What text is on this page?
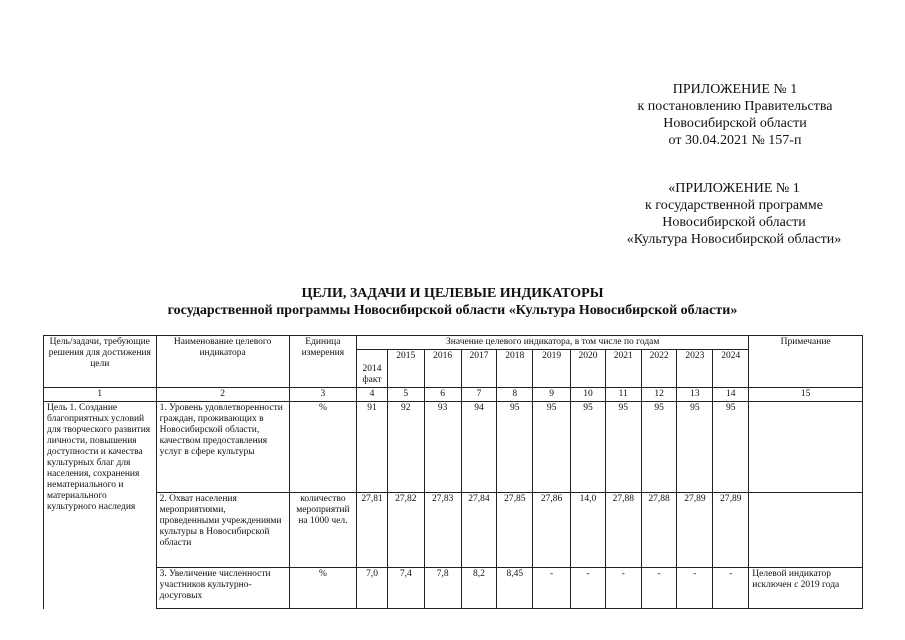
ПРИЛОЖЕНИЕ № 1
к постановлению Правительства
Новосибирской области
от 30.04.2021 № 157-п
«ПРИЛОЖЕНИЕ № 1
к государственной программе
Новосибирской области
«Культура Новосибирской области»
ЦЕЛИ, ЗАДАЧИ И ЦЕЛЕВЫЕ ИНДИКАТОРЫ
государственной программы Новосибирской области «Культура Новосибирской области»
Цель/задачи, требующие решения для достижения цели	Наименование целевого индикатора	Единица измерения	Значение целевого индикатора, в том числе по годам											Примечание
			2014 факт	2015	2016	2017	2018	2019	2020	2021	2022	2023	2024	
1	2	3	4	5	6	7	8	9	10	11	12	13	14	15
Цель 1. Создание благоприятных условий для творческого развития личности, повышения доступности и качества культурных благ для населения, сохранения нематериального и материального культурного наследия	1. Уровень удовлетворенности граждан, проживающих в Новосибирской области, качеством предоставления услуг в сфере культуры	%	91	92	93	94	95	95	95	95	95	95	95	
	2. Охват населения мероприятиями, проведенными учреждениями культуры в Новосибирской области	количество мероприятий на 1000 чел.	27,81	27,82	27,83	27,84	27,85	27,86	14,0	27,88	27,88	27,89	27,89	
	3. Увеличение численности участников культурно-досуговых	%	7,0	7,4	7,8	8,2	8,45	-	-	-	-	-	-	Целевой индикатор исключен с 2019 года
